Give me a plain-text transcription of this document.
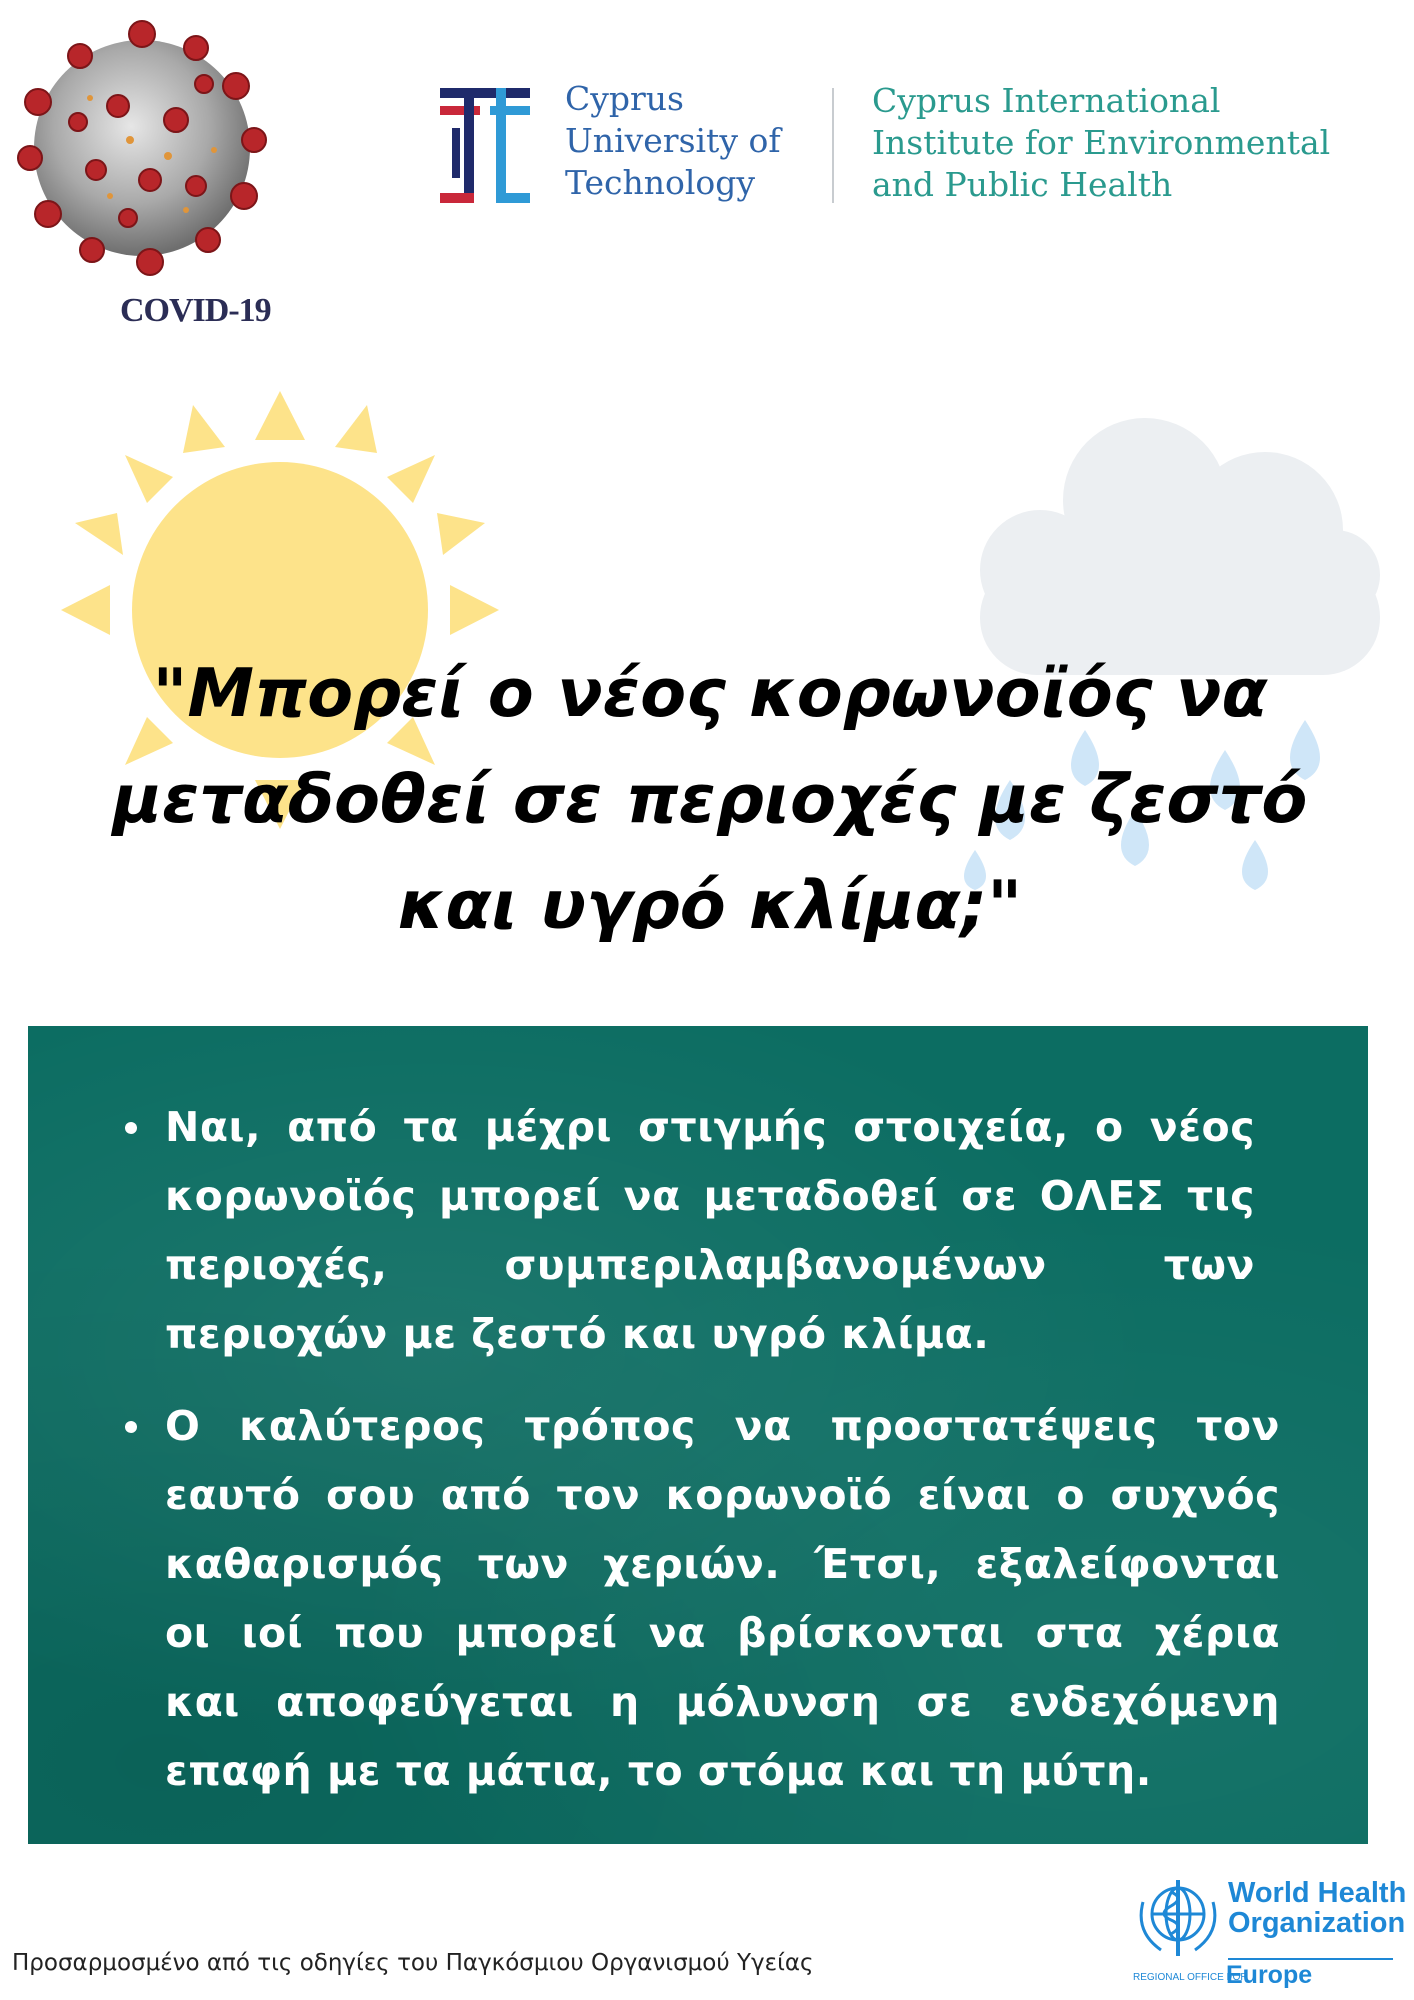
COVID-19
Cyprus
University of
Technology
Cyprus International
Institute for Environmental
and Public Health
"Μπορεί ο νέος κορωνοϊός να
μεταδοθεί σε περιοχές με ζεστό
και υγρό κλίμα;"
Ναι, από τα μέχρι στιγμής στοιχεία, ο νέος
κορωνοϊός μπορεί να μεταδοθεί σε ΟΛΕΣ τις
περιοχές, συμπεριλαμβανομένων των
περιοχών με ζεστό και υγρό κλίμα.
Ο καλύτερος τρόπος να προστατέψεις τον
εαυτό σου από τον κορωνοϊό είναι ο συχνός
καθαρισμός των χεριών. Έτσι, εξαλείφονται
οι ιοί που μπορεί να βρίσκονται στα χέρια
και αποφεύγεται η μόλυνση σε ενδεχόμενη
επαφή με τα μάτια, το στόμα και τη μύτη.
Προσαρμοσμένο από τις οδηγίες του Παγκόσμιου Οργανισμού Υγείας
World Health
Organization
REGIONAL OFFICE FOR
Europe
